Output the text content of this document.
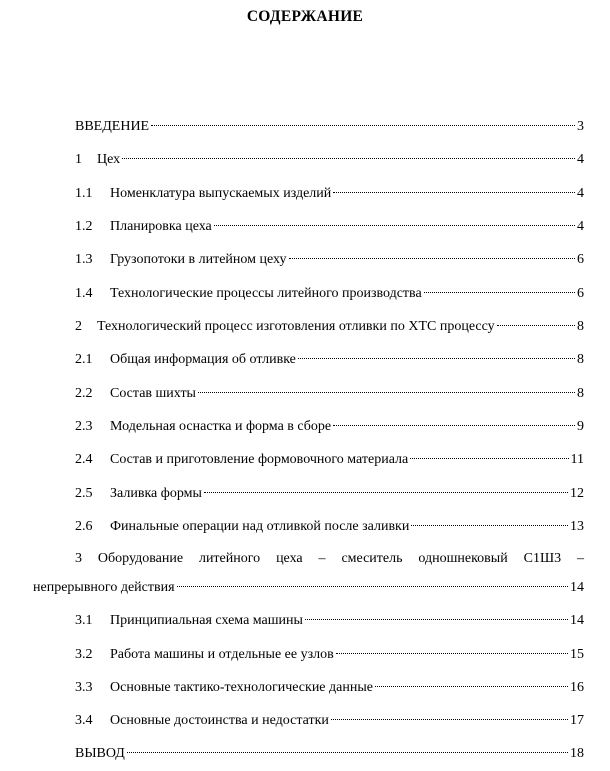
СОДЕРЖАНИЕ
ВВЕДЕНИЕ	3
1	Цех	4
1.1	Номенклатура выпускаемых изделий	4
1.2	Планировка цеха	4
1.3	Грузопотоки в литейном цеху	6
1.4	Технологические процессы литейного производства	6
2	Технологический процесс изготовления отливки по ХТС процессу	8
2.1	Общая информация об отливке	8
2.2	Состав шихты	8
2.3	Модельная оснастка и форма в сборе	9
2.4	Состав и приготовление формовочного материала	11
2.5	Заливка формы	12
2.6	Финальные операции над отливкой после заливки	13
3 Оборудование литейного цеха – смеситель одношнековый С1Ш3 –
непрерывного действия	14
3.1	Принципиальная схема машины	14
3.2	Работа машины и отдельные ее узлов	15
3.3	Основные тактико-технологические данные	16
3.4	Основные достоинства и недостатки	17
ВЫВОД	18
